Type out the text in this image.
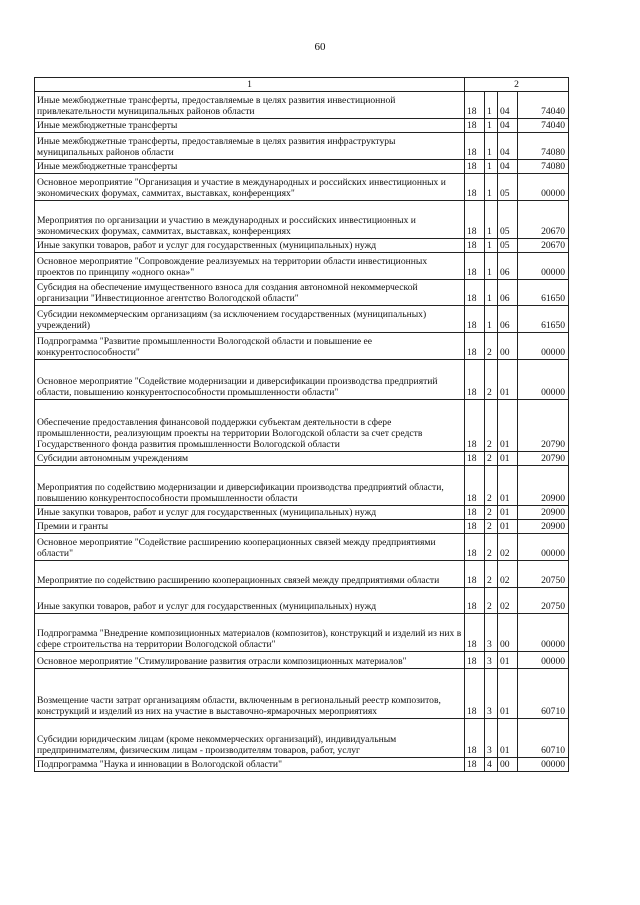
60
1	2			
Иные межбюджетные трансферты, предоставляемые в целях развития инвестиционной привлекательности муниципальных районов области	18	1	04	74040
Иные межбюджетные трансферты	18	1	04	74040
Иные межбюджетные трансферты, предоставляемые в целях развития инфраструктуры муниципальных районов области	18	1	04	74080
Иные межбюджетные трансферты	18	1	04	74080
Основное мероприятие "Организация и участие в международных и российских инвестиционных и экономических форумах, саммитах, выставках, конференциях"	18	1	05	00000
Мероприятия по организации и участию в международных и российских инвестиционных и экономических форумах, саммитах, выставках, конференциях	18	1	05	20670
Иные закупки товаров, работ и услуг для государственных (муниципальных) нужд	18	1	05	20670
Основное мероприятие "Сопровождение реализуемых на территории области инвестиционных проектов по принципу «одного окна»"	18	1	06	00000
Субсидия на обеспечение имущественного взноса для создания автономной некоммерческой организации "Инвестиционное агентство Вологодской области"	18	1	06	61650
Субсидии некоммерческим организациям (за исключением государственных (муниципальных) учреждений)	18	1	06	61650
Подпрограмма "Развитие промышленности Вологодской области и повышение ее конкурентоспособности"	18	2	00	00000
Основное мероприятие "Содействие модернизации и диверсификации производства предприятий области, повышению конкурентоспособности промышленности области"	18	2	01	00000
Обеспечение предоставления финансовой поддержки субъектам деятельности в сфере промышленности, реализующим проекты на территории Вологодской области за счет средств Государственного фонда развития промышленности Вологодской области	18	2	01	20790
Субсидии автономным учреждениям	18	2	01	20790
Мероприятия по содействию модернизации и диверсификации производства предприятий области, повышению конкурентоспособности промышленности области	18	2	01	20900
Иные закупки товаров, работ и услуг для государственных (муниципальных) нужд	18	2	01	20900
Премии и гранты	18	2	01	20900
Основное мероприятие "Содействие расширению кооперационных связей между предприятиями области"	18	2	02	00000
Мероприятие по содействию расширению кооперационных связей между предприятиями области	18	2	02	20750
Иные закупки товаров, работ и услуг для государственных (муниципальных) нужд	18	2	02	20750
Подпрограмма "Внедрение композиционных материалов (композитов), конструкций и изделий из них в сфере строительства на территории Вологодской области"	18	3	00	00000
Основное мероприятие "Стимулирование развития отрасли композиционных материалов"	18	3	01	00000
Возмещение части затрат организациям области, включенным в региональный реестр композитов, конструкций и изделий из них на участие в выставочно-ярмарочных мероприятиях	18	3	01	60710
Субсидии юридическим лицам (кроме некоммерческих организаций), индивидуальным предпринимателям, физическим лицам - производителям товаров, работ, услуг	18	3	01	60710
Подпрограмма "Наука и инновации в Вологодской области"	18	4	00	00000
